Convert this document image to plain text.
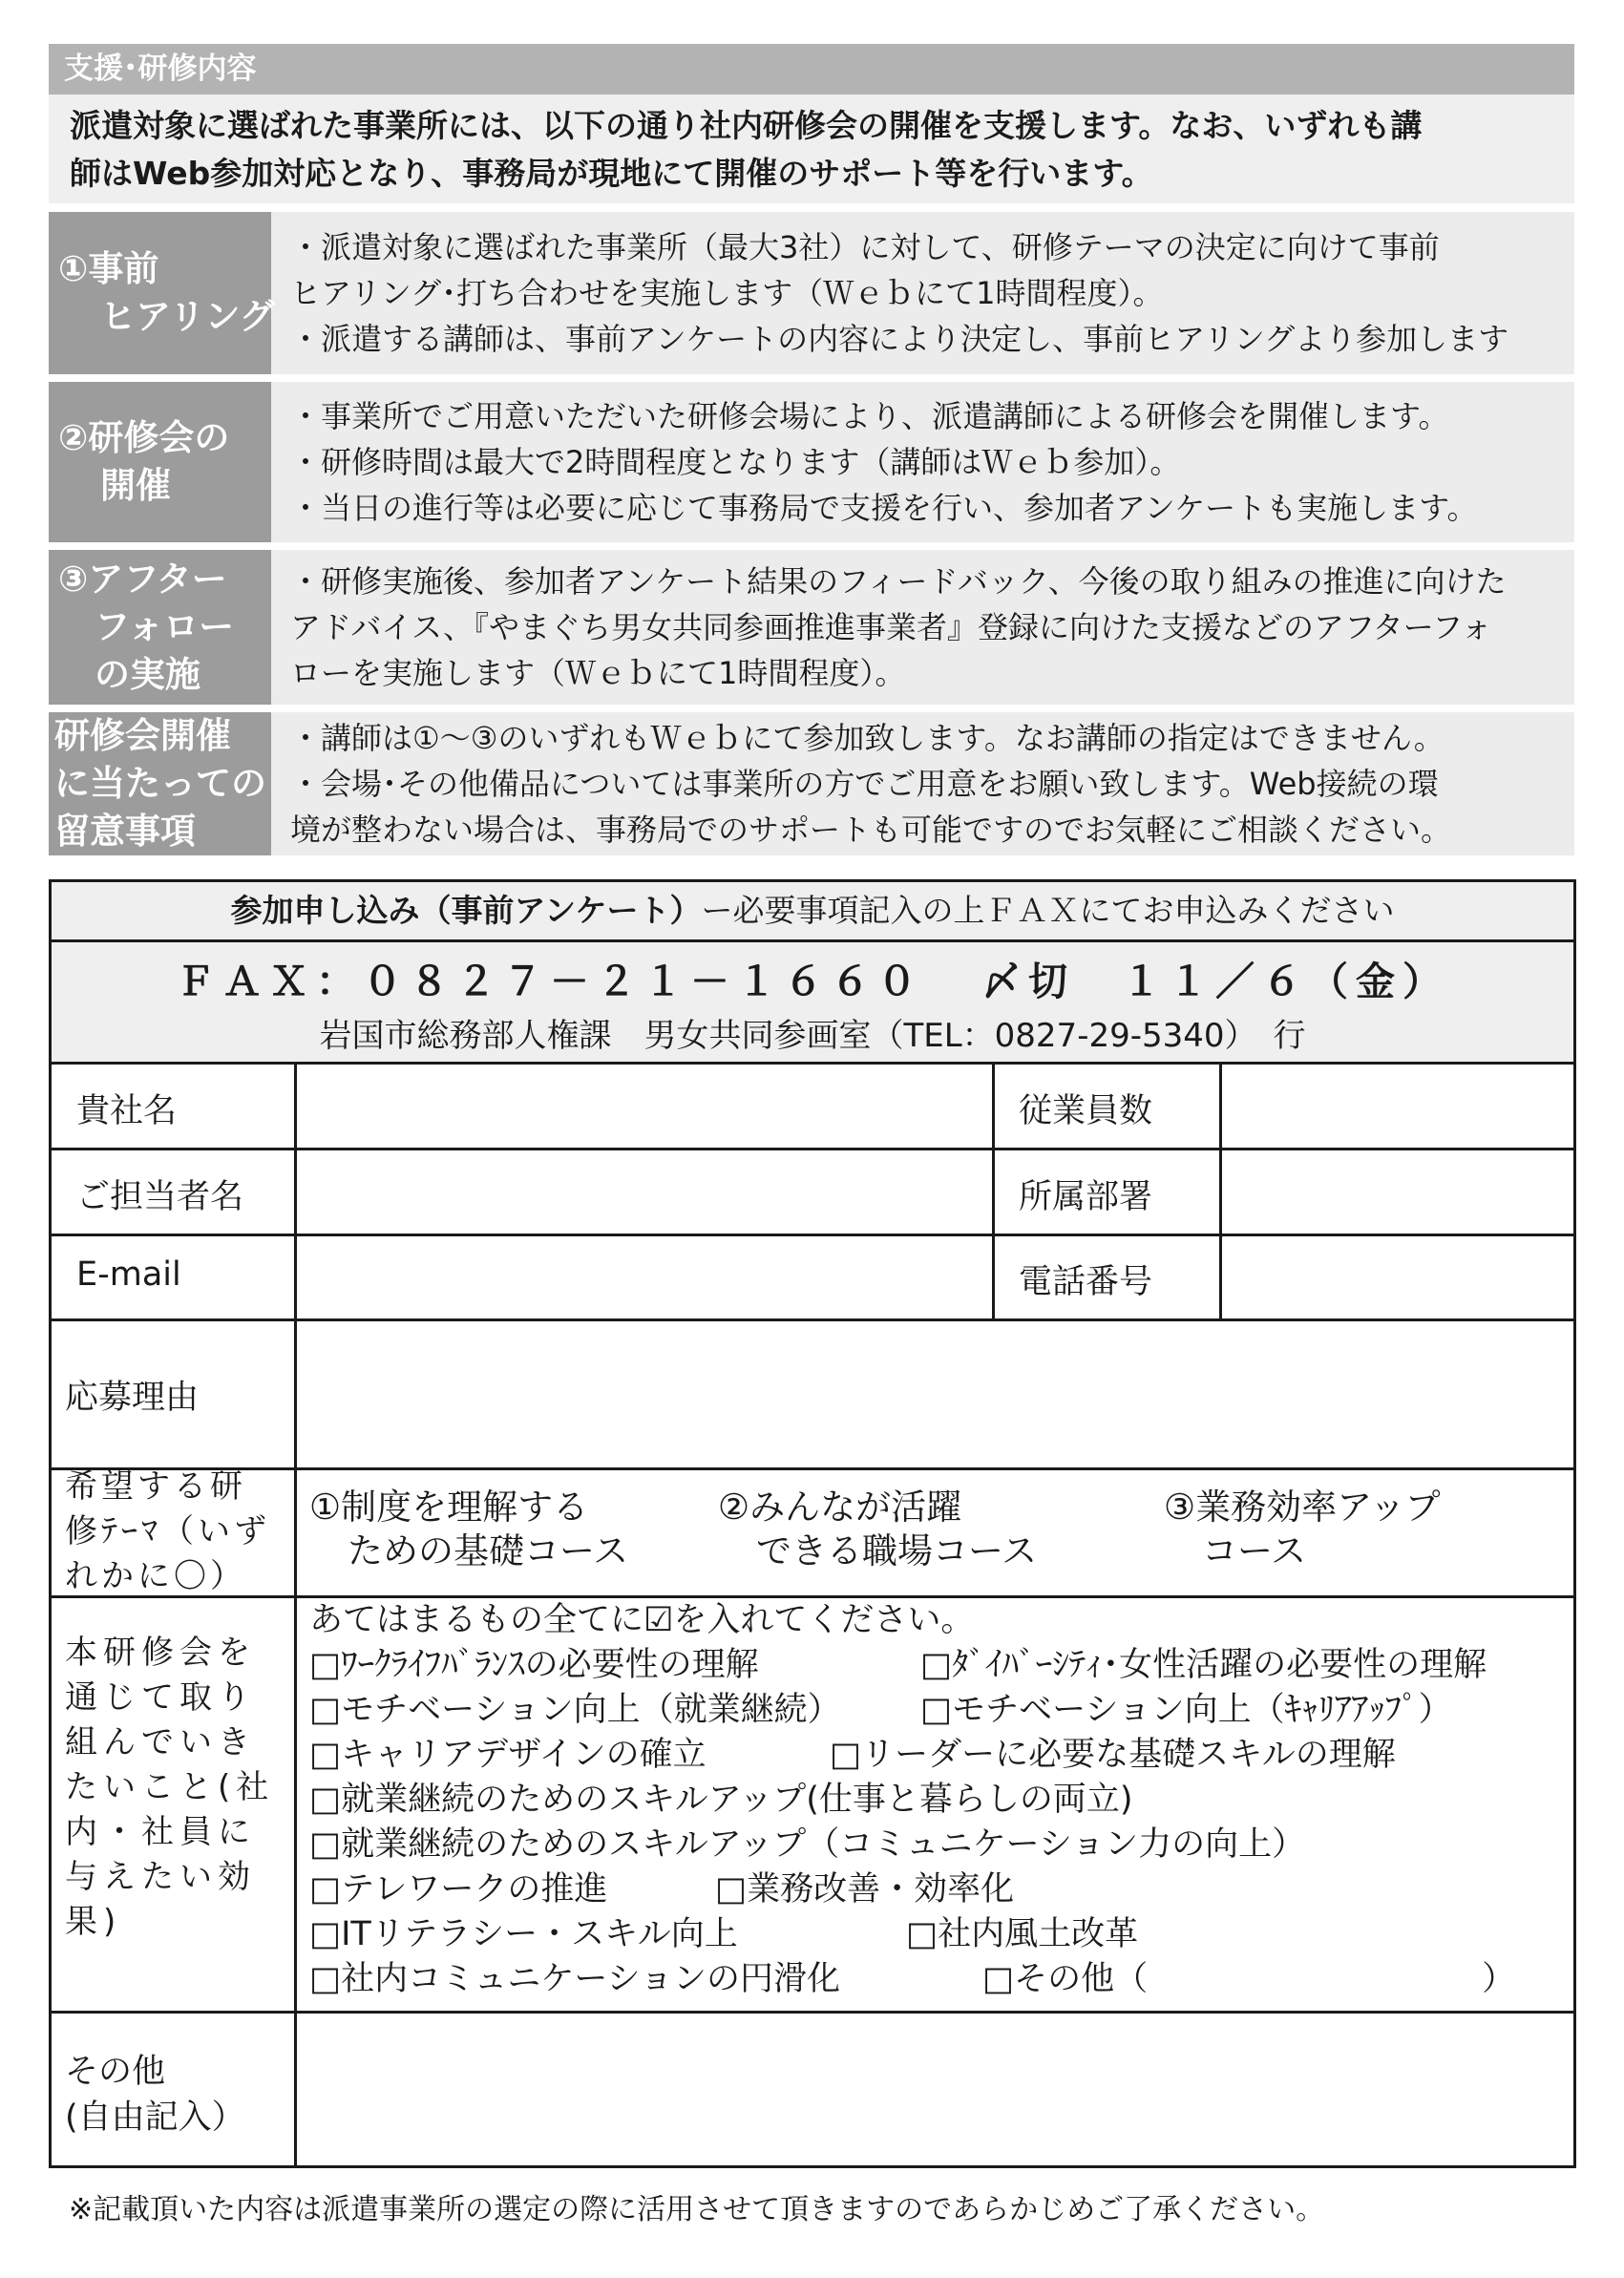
支援･研修内容
派遣対象に選ばれた事業所には、以下の通り社内研修会の開催を支援します。なお、いずれも講
師はWeb参加対応となり、事務局が現地にて開催のサポート等を行います。
①事前
ヒアリング
・派遣対象に選ばれた事業所（最大3社）に対して、研修テーマの決定に向けて事前
ヒアリング･打ち合わせを実施します（Ｗｅｂにて1時間程度）。
・派遣する講師は、事前アンケートの内容により決定し、事前ヒアリングより参加します
②研修会の
開催
・事業所でご用意いただいた研修会場により、派遣講師による研修会を開催します。
・研修時間は最大で2時間程度となります（講師はＷｅｂ参加）。
・当日の進行等は必要に応じて事務局で支援を行い、参加者アンケートも実施します。
③アフター
フォロー
の実施
・研修実施後、参加者アンケート結果のフィードバック、今後の取り組みの推進に向けた
アドバイス、『やまぐち男女共同参画推進事業者』登録に向けた支援などのアフターフォ
ローを実施します（Ｗｅｂにて1時間程度）。
研修会開催
に当たっての
留意事項
・講師は①～③のいずれもＷｅｂにて参加致します。なお講師の指定はできません。
・会場･その他備品については事業所の方でご用意をお願い致します。Web接続の環
境が整わない場合は、事務局でのサポートも可能ですのでお気軽にご相談ください。
参加申し込み（事前アンケート）ー必要事項記入の上ＦＡＸにてお申込みください
ＦＡＸ：０８２７－２１－１６６０ 〆切　１１／６（金）
岩国市総務部人権課　男女共同参画室（TEL：0827-29-5340）　行
貴社名	従業員数
ご担当者名	所属部署
E-mail	電話番号
応募理由
希望する研
修ﾃｰﾏ（いず
れかに〇）
①制度を理解する
ための基礎コース
②みんなが活躍
できる職場コース
③業務効率アップ
コース
本研修会を
通じて取り
組んでいき
たいこと(社
内・社員に
与えたい効
果)
あてはまるもの全てに☑を入れてください。
□ﾜｰｸﾗｲﾌﾊﾞﾗﾝｽの必要性の理解	□ﾀﾞｲﾊﾞｰｼﾃｨ･女性活躍の必要性の理解
□モチベーション向上（就業継続） □モチベーション向上（ｷｬﾘｱｱｯﾌﾟ）
□キャリアデザインの確立	□リーダーに必要な基礎スキルの理解
□就業継続のためのスキルアップ(仕事と暮らしの両立)
□就業継続のためのスキルアップ（コミュニケーション力の向上）
□テレワークの推進	□業務改善・効率化
□ITリテラシー・スキル向上	□社内風土改革
□社内コミュニケーションの円滑化	□その他（　　　　　　　　　　）
その他
(自由記入）
※記載頂いた内容は派遣事業所の選定の際に活用させて頂きますのであらかじめご了承ください。
